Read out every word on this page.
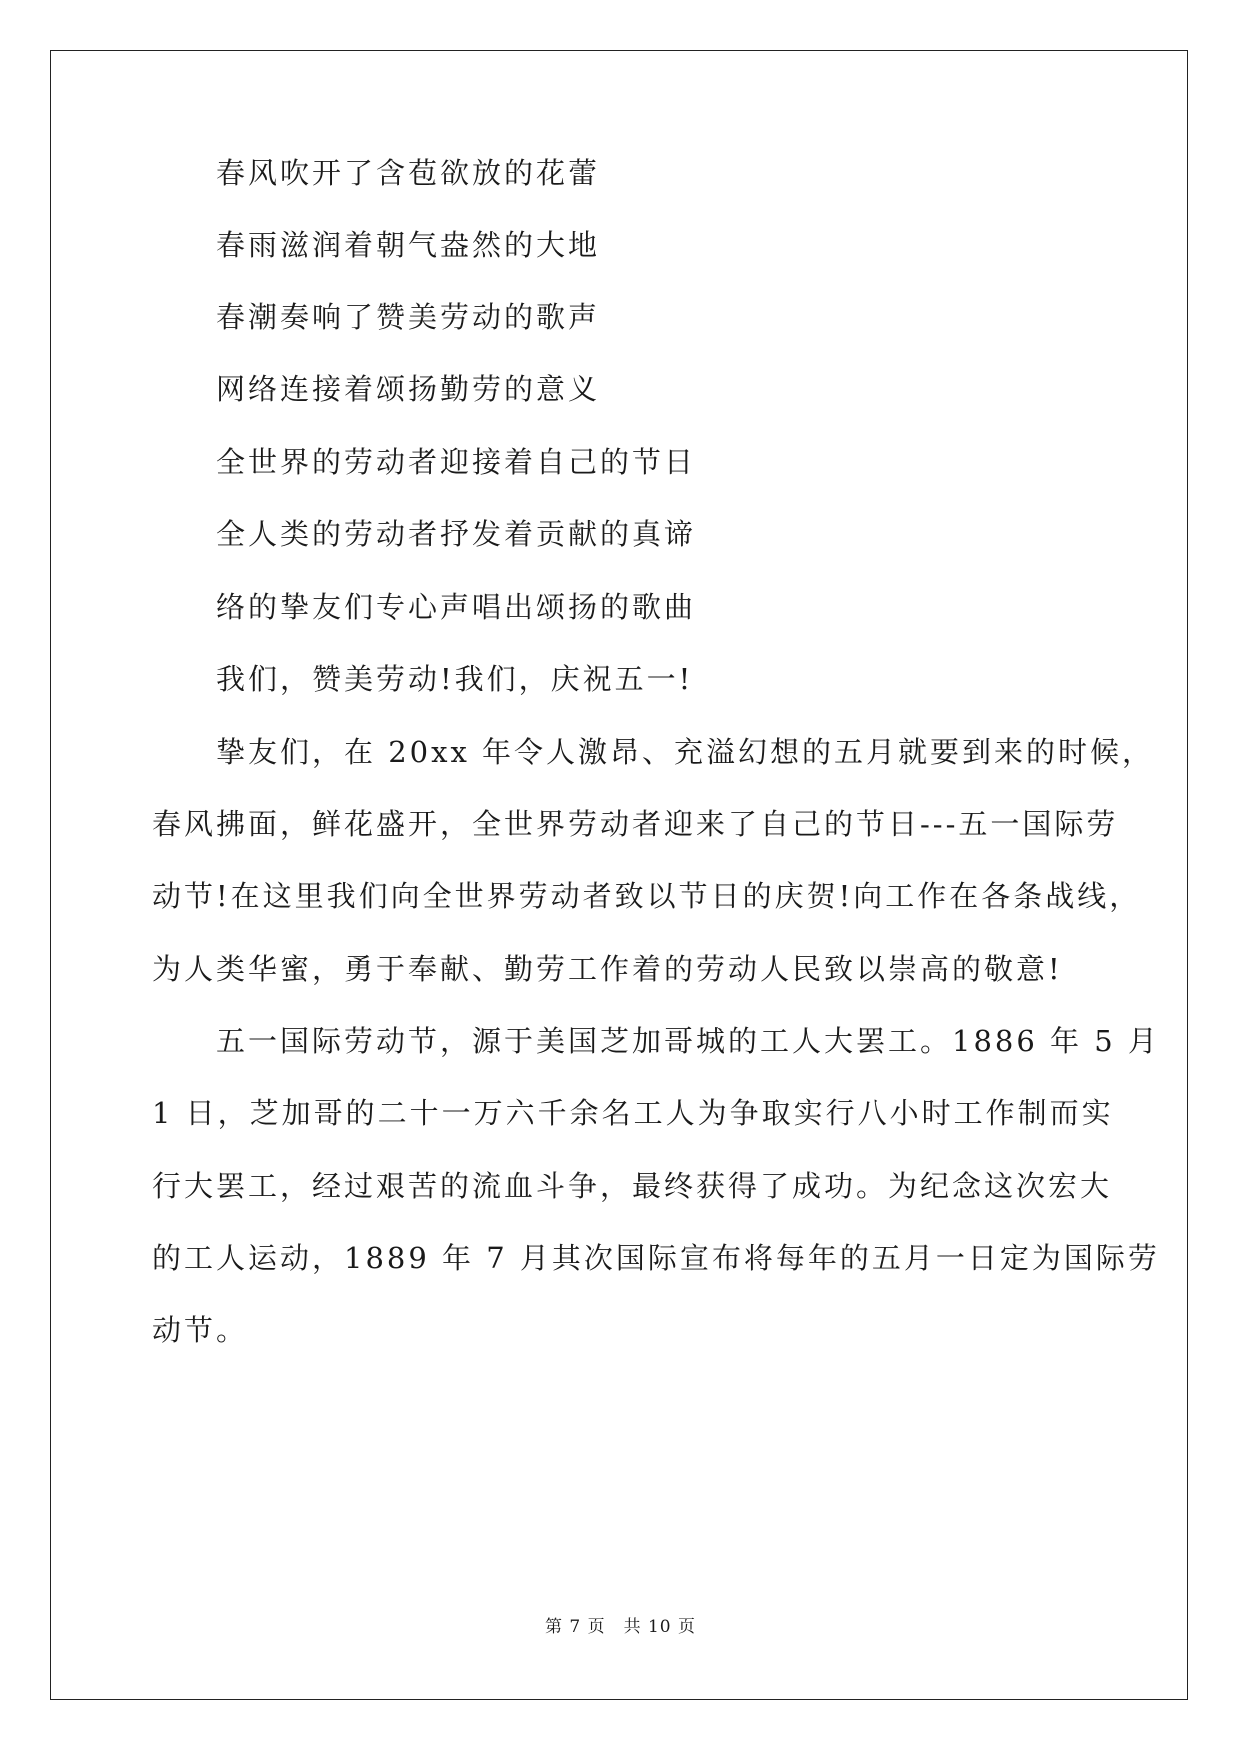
春风吹开了含苞欲放的花蕾
春雨滋润着朝气盎然的大地
春潮奏响了赞美劳动的歌声
网络连接着颂扬勤劳的意义
全世界的劳动者迎接着自己的节日
全人类的劳动者抒发着贡献的真谛
络的挚友们专心声唱出颂扬的歌曲
我们，赞美劳动!我们，庆祝五一!
挚友们，在 20xx 年令人激昂、充溢幻想的五月就要到来的时候，
春风拂面，鲜花盛开，全世界劳动者迎来了自己的节日---五一国际劳
动节!在这里我们向全世界劳动者致以节日的庆贺!向工作在各条战线，
为人类华蜜，勇于奉献、勤劳工作着的劳动人民致以崇高的敬意!
五一国际劳动节，源于美国芝加哥城的工人大罢工。1886 年 5 月
1 日，芝加哥的二十一万六千余名工人为争取实行八小时工作制而实
行大罢工，经过艰苦的流血斗争，最终获得了成功。为纪念这次宏大
的工人运动，1889 年 7 月其次国际宣布将每年的五月一日定为国际劳
动节。
第 7 页　共 10 页
